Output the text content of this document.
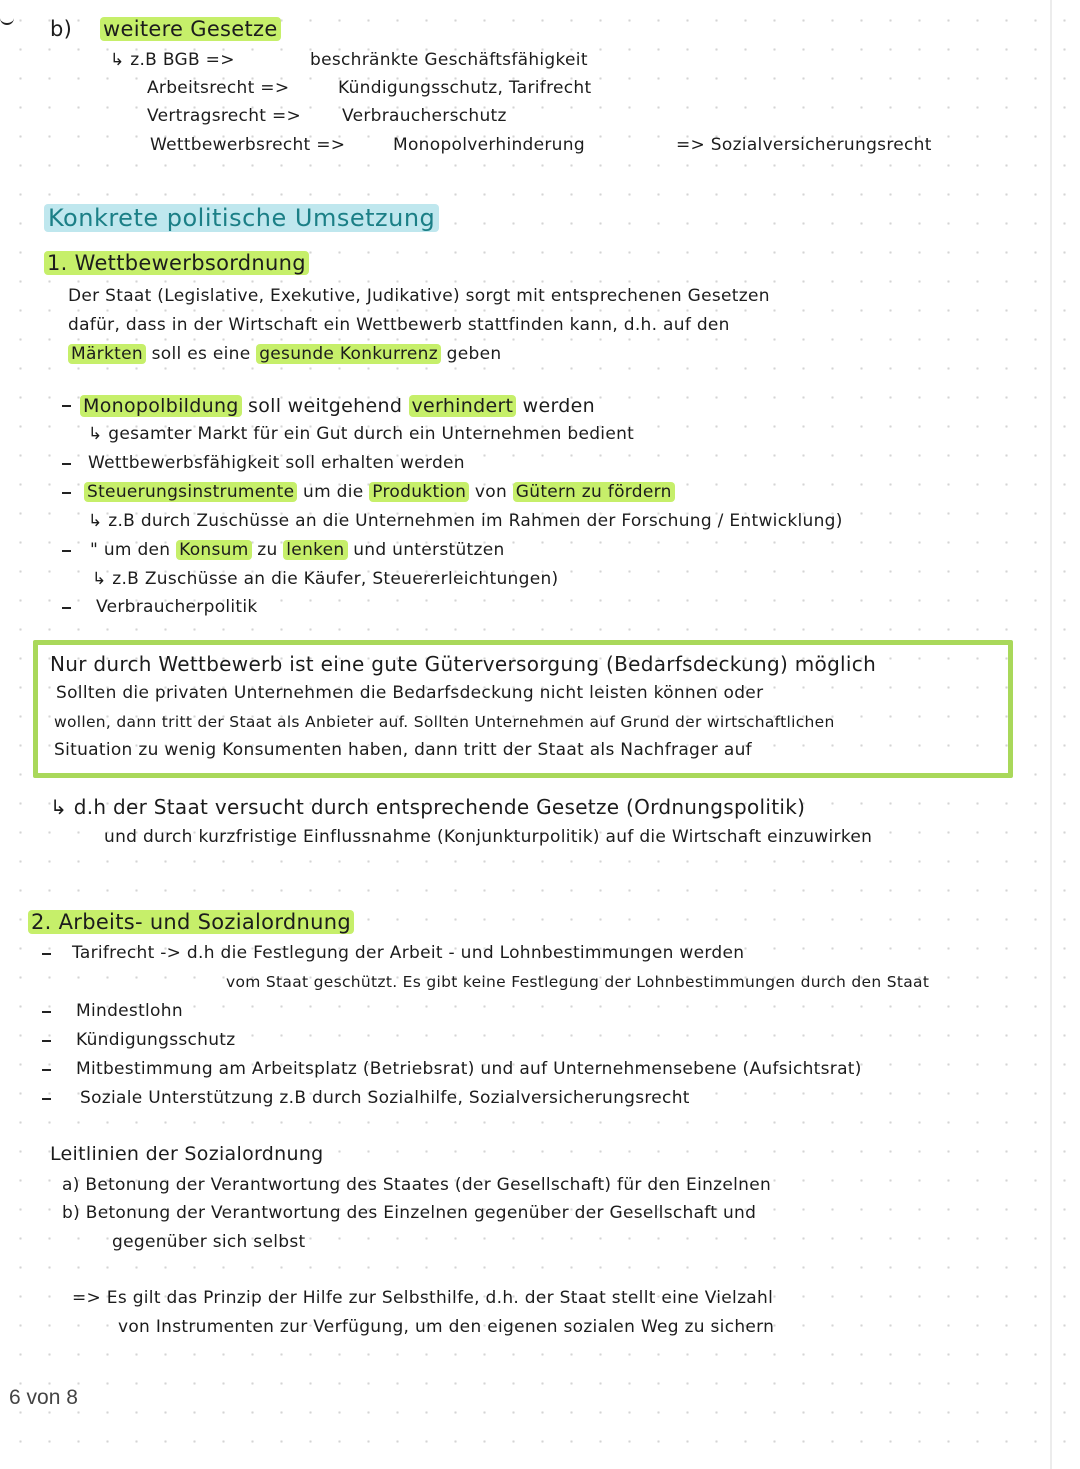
b) weitere Gesetze
↳ z.B BGB =>	beschränkte Geschäftsfähigkeit
Arbeitsrecht =>	Kündigungsschutz, Tarifrecht
Vertragsrecht => Verbraucherschutz
Wettbewerbsrecht =>	Monopolverhinderung	=> Sozialversicherungsrecht
Konkrete politische Umsetzung
1. Wettbewerbsordnung
Der Staat (Legislative, Exekutive, Judikative) sorgt mit entsprechenen Gesetzen
dafür, dass in der Wirtschaft ein Wettbewerb stattfinden kann, d.h. auf den
Märkten soll es eine gesunde Konkurrenz geben
Monopolbildung soll weitgehend verhindert werden
↳ gesamter Markt für ein Gut durch ein Unternehmen bedient
Wettbewerbsfähigkeit soll erhalten werden
Steuerungsinstrumente um die Produktion von Gütern zu fördern
↳ z.B durch Zuschüsse an die Unternehmen im Rahmen der Forschung / Entwicklung)
" um den Konsum zu lenken und unterstützen
↳ z.B Zuschüsse an die Käufer, Steuererleichtungen)
Verbraucherpolitik
Nur durch Wettbewerb ist eine gute Güterversorgung (Bedarfsdeckung) möglich
Sollten die privaten Unternehmen die Bedarfsdeckung nicht leisten können oder
wollen, dann tritt der Staat als Anbieter auf. Sollten Unternehmen auf Grund der wirtschaftlichen
Situation zu wenig Konsumenten haben, dann tritt der Staat als Nachfrager auf
↳ d.h der Staat versucht durch entsprechende Gesetze (Ordnungspolitik)
und durch kurzfristige Einflussnahme (Konjunkturpolitik) auf die Wirtschaft einzuwirken
2. Arbeits- und Sozialordnung
Tarifrecht -> d.h die Festlegung der Arbeit - und Lohnbestimmungen werden
vom Staat geschützt. Es gibt keine Festlegung der Lohnbestimmungen durch den Staat
Mindestlohn
Kündigungsschutz
Mitbestimmung am Arbeitsplatz (Betriebsrat) und auf Unternehmensebene (Aufsichtsrat)
Soziale Unterstützung z.B durch Sozialhilfe, Sozialversicherungsrecht
Leitlinien der Sozialordnung
a) Betonung der Verantwortung des Staates (der Gesellschaft) für den Einzelnen
b) Betonung der Verantwortung des Einzelnen gegenüber der Gesellschaft und
gegenüber sich selbst
=> Es gilt das Prinzip der Hilfe zur Selbsthilfe, d.h. der Staat stellt eine Vielzahl
von Instrumenten zur Verfügung, um den eigenen sozialen Weg zu sichern
6 von 8
